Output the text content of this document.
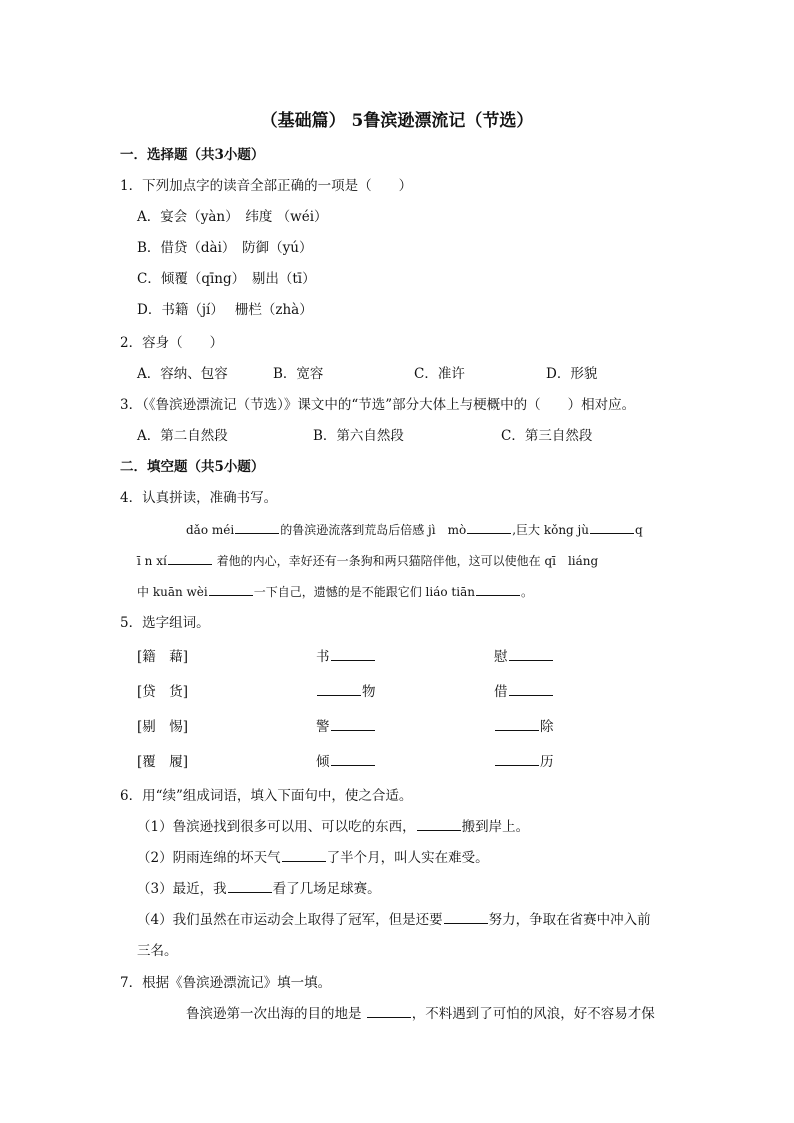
（基础篇） 5鲁滨逊漂流记（节选）
一．选择题（共3小题）
1．下列加点字的读音全部正确的一项是（　　）
A．宴会（yàn）　纬度 （wéi）
B．借贷（dài）　防御（yú）
C．倾覆（qīng）　剔出（tī）
D．书籍（jí）　 栅栏（zhà）
2．容身（　　）
A．容纳、包容	B．宽容	C．准许	D．形貌
3．（《鲁滨逊漂流记（节选）》课文中的“节选”部分大体上与梗概中的（　　）相对应。
A．第二自然段	B．第六自然段	C．第三自然段
二．填空题（共5小题）
4．认真拼读，准确书写。
dǎo méi	的鲁滨逊流落到荒岛后倍感 jì　mò	,巨大 kǒng jù	q
ī n xí	着他的内心，幸好还有一条狗和两只猫陪伴他，这可以使他在 qī　liáng
中 kuān wèi	一下自己，遗憾的是不能跟它们 liáo tiān	。
5．选字组词。
[籍　藉]	书	慰
[贷　货]	物	借
[剔　惕]	警	除
[覆　履]	倾	历
6．用“续”组成词语，填入下面句中，使之合适。
（1）鲁滨逊找到很多可以用、可以吃的东西，	搬到岸上。
（2）阴雨连绵的坏天气	了半个月，叫人实在难受。
（3）最近，我	看了几场足球赛。
（4）我们虽然在市运动会上取得了冠军，但是还要	努力，争取在省赛中冲入前
三名。
7．根据《鲁滨逊漂流记》填一填。
鲁滨逊第一次出海的目的地是	，不料遇到了可怕的风浪，好不容易才保
